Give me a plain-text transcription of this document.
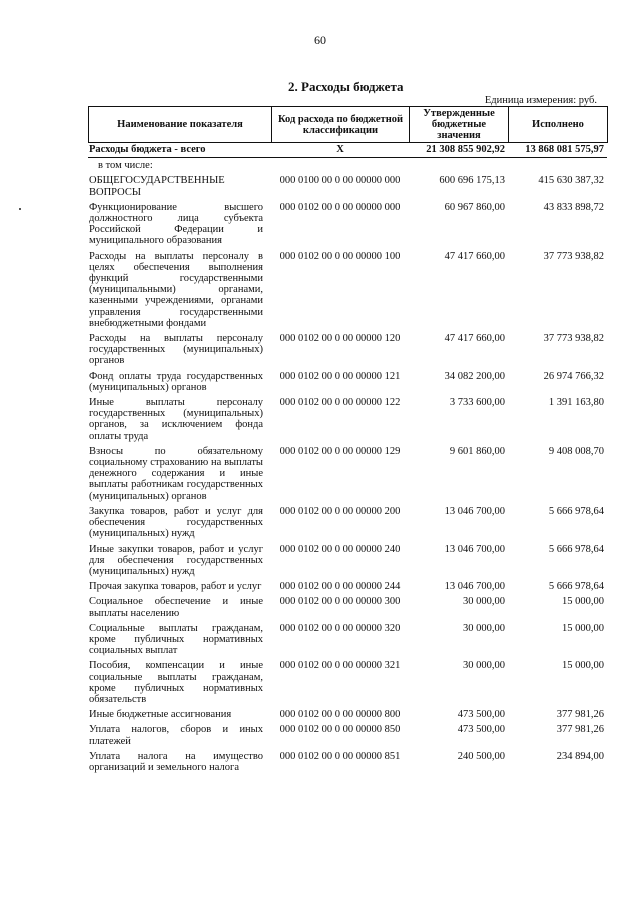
60
2. Расходы бюджета
Единица измерения: руб.
Наименование показателя	Код расхода по бюджетной классификации	Утвержденные бюджетные значения	Исполнено
Расходы бюджета - всего	X	21 308 855 902,92	13 868 081 575,97
в том числе:			
ОБЩЕГОСУДАРСТВЕННЫЕ ВОПРОСЫ	000 0100 00 0 00 00000 000	600 696 175,13	415 630 387,32
Функционирование высшего должностного лица субъекта Российской Федерации и муниципального образования	000 0102 00 0 00 00000 000	60 967 860,00	43 833 898,72
Расходы на выплаты персоналу в целях обеспечения выполнения функций государственными (муниципальными) органами, казенными учреждениями, органами управления государственными внебюджетными фондами	000 0102 00 0 00 00000 100	47 417 660,00	37 773 938,82
Расходы на выплаты персоналу государственных (муниципальных) органов	000 0102 00 0 00 00000 120	47 417 660,00	37 773 938,82
Фонд оплаты труда государственных (муниципальных) органов	000 0102 00 0 00 00000 121	34 082 200,00	26 974 766,32
Иные выплаты персоналу государственных (муниципальных) органов, за исключением фонда оплаты труда	000 0102 00 0 00 00000 122	3 733 600,00	1 391 163,80
Взносы по обязательному социальному страхованию на выплаты денежного содержания и иные выплаты работникам государственных (муниципальных) органов	000 0102 00 0 00 00000 129	9 601 860,00	9 408 008,70
Закупка товаров, работ и услуг для обеспечения государственных (муниципальных) нужд	000 0102 00 0 00 00000 200	13 046 700,00	5 666 978,64
Иные закупки товаров, работ и услуг для обеспечения государственных (муниципальных) нужд	000 0102 00 0 00 00000 240	13 046 700,00	5 666 978,64
Прочая закупка товаров, работ и услуг	000 0102 00 0 00 00000 244	13 046 700,00	5 666 978,64
Социальное обеспечение и иные выплаты населению	000 0102 00 0 00 00000 300	30 000,00	15 000,00
Социальные выплаты гражданам, кроме публичных нормативных социальных выплат	000 0102 00 0 00 00000 320	30 000,00	15 000,00
Пособия, компенсации и иные социальные выплаты гражданам, кроме публичных нормативных обязательств	000 0102 00 0 00 00000 321	30 000,00	15 000,00
Иные бюджетные ассигнования	000 0102 00 0 00 00000 800	473 500,00	377 981,26
Уплата налогов, сборов и иных платежей	000 0102 00 0 00 00000 850	473 500,00	377 981,26
Уплата налога на имущество организаций и земельного налога	000 0102 00 0 00 00000 851	240 500,00	234 894,00
